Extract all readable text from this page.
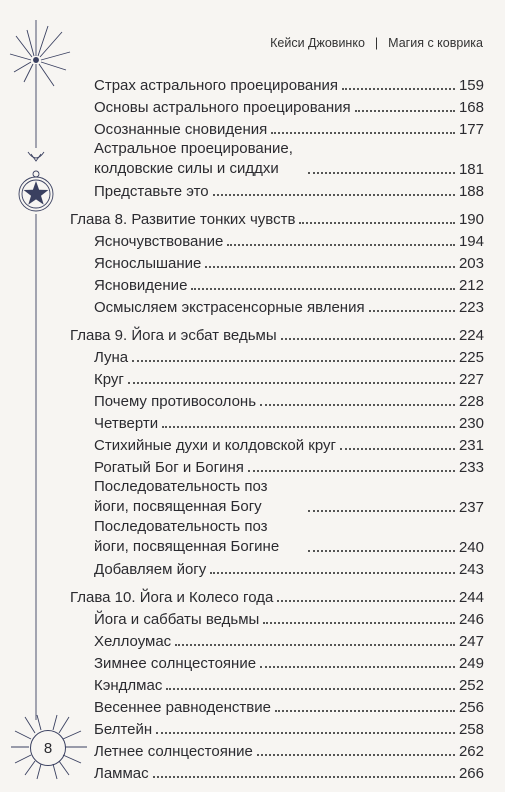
Кейси Джовинко | Магия с коврика
Страх астрального проецирования	159
Основы астрального проецирования	168
Осознанные сновидения	177
Астральное проецирование, колдовские силы и сиддхи	181
Представьте это	188
Глава 8. Развитие тонких чувств	190
Ясночувствование	194
Яснослышание	203
Ясновидение	212
Осмысляем экстрасенсорные явления	223
Глава 9. Йога и эсбат ведьмы	224
Луна	225
Круг	227
Почему противосолонь	228
Четверти	230
Стихийные духи и колдовской круг	231
Рогатый Бог и Богиня	233
Последовательность поз йоги, посвященная Богу	237
Последовательность поз йоги, посвященная Богине	240
Добавляем йогу	243
Глава 10. Йога и Колесо года	244
Йога и саббаты ведьмы	246
Хеллоумас	247
Зимнее солнцестояние	249
Кэндлмас	252
Весеннее равноденствие	256
Белтейн	258
Летнее солнцестояние	262
Ламмас	266
8
